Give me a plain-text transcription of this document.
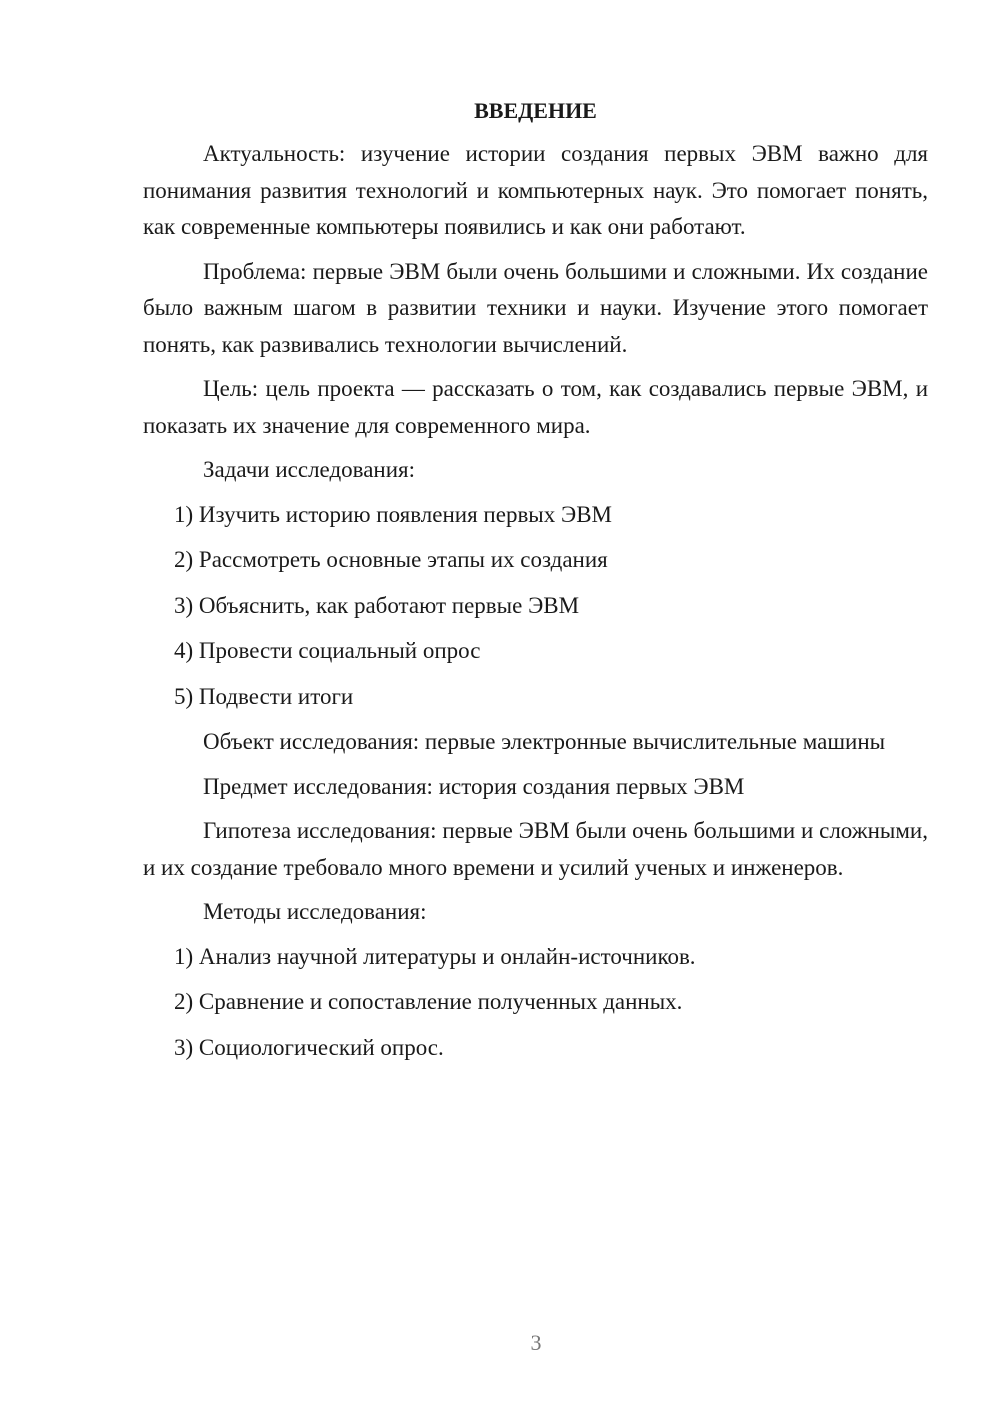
ВВЕДЕНИЕ

Актуальность: изучение истории создания первых ЭВМ важно для понимания развития технологий и компьютерных наук. Это помогает понять, как современные компьютеры появились и как они работают.

Проблема: первые ЭВМ были очень большими и сложными. Их создание было важным шагом в развитии техники и науки. Изучение этого помогает понять, как развивались технологии вычислений.

Цель: цель проекта — рассказать о том, как создавались первые ЭВМ, и показать их значение для современного мира.

Задачи исследования:
1) Изучить историю появления первых ЭВМ
2) Рассмотреть основные этапы их создания
3) Объяснить, как работают первые ЭВМ
4) Провести социальный опрос
5) Подвести итоги

Объект исследования: первые электронные вычислительные машины

Предмет исследования: история создания первых ЭВМ

Гипотеза исследования: первые ЭВМ были очень большими и сложными, и их создание требовало много времени и усилий ученых и инженеров.

Методы исследования:
1) Анализ научной литературы и онлайн-источников.
2) Сравнение и сопоставление полученных данных.
3) Социологический опрос.
3
